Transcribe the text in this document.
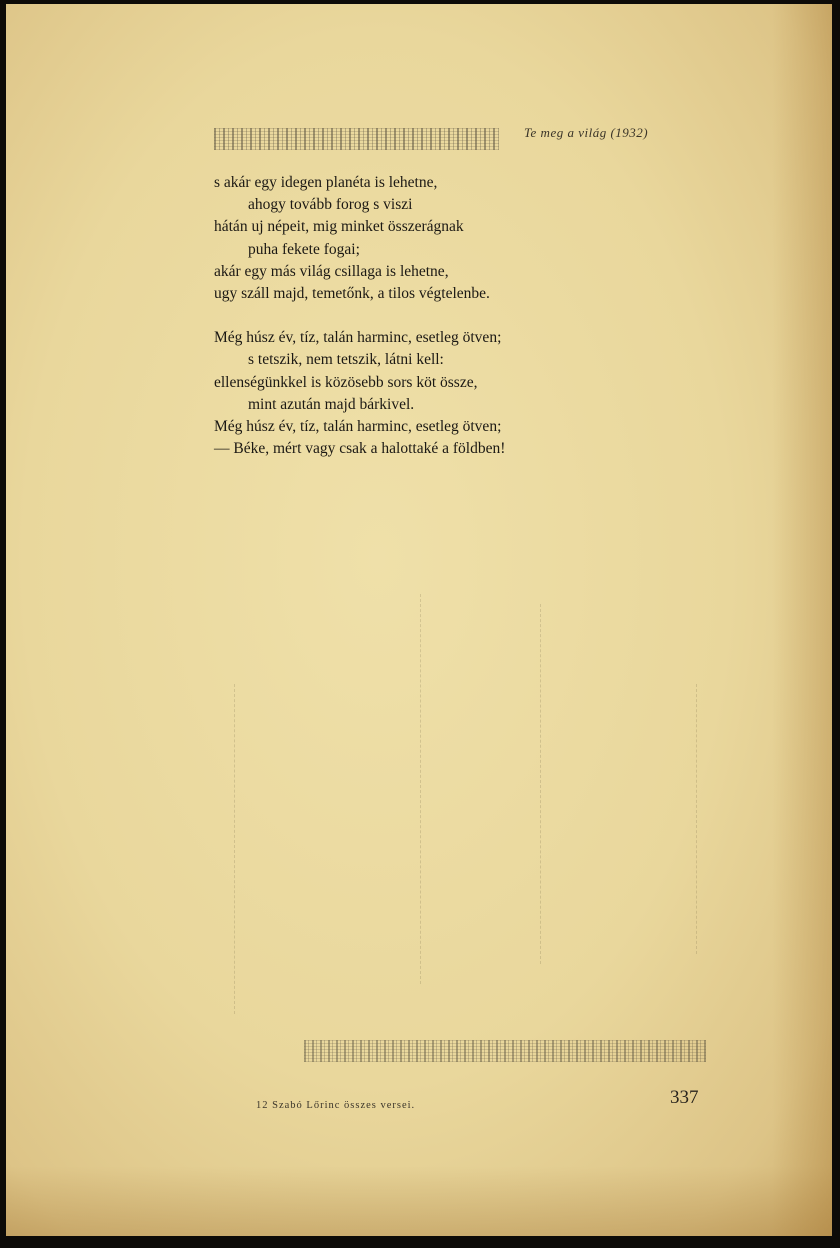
Te meg a világ (1932)
s akár egy idegen planéta is lehetne,
ahogy tovább forog s viszi
hátán uj népeit, mig minket összerágnak
puha fekete fogai;
akár egy más világ csillaga is lehetne,
ugy száll majd, temetőnk, a tilos végtelenbe.
Még húsz év, tíz, talán harminc, esetleg ötven;
s tetszik, nem tetszik, látni kell:
ellenségünkkel is közösebb sors köt össze,
mint azután majd bárkivel.
Még húsz év, tíz, talán harminc, esetleg ötven;
— Béke, mért vagy csak a halottaké a földben!
12 Szabó Lőrinc összes versei.	337
